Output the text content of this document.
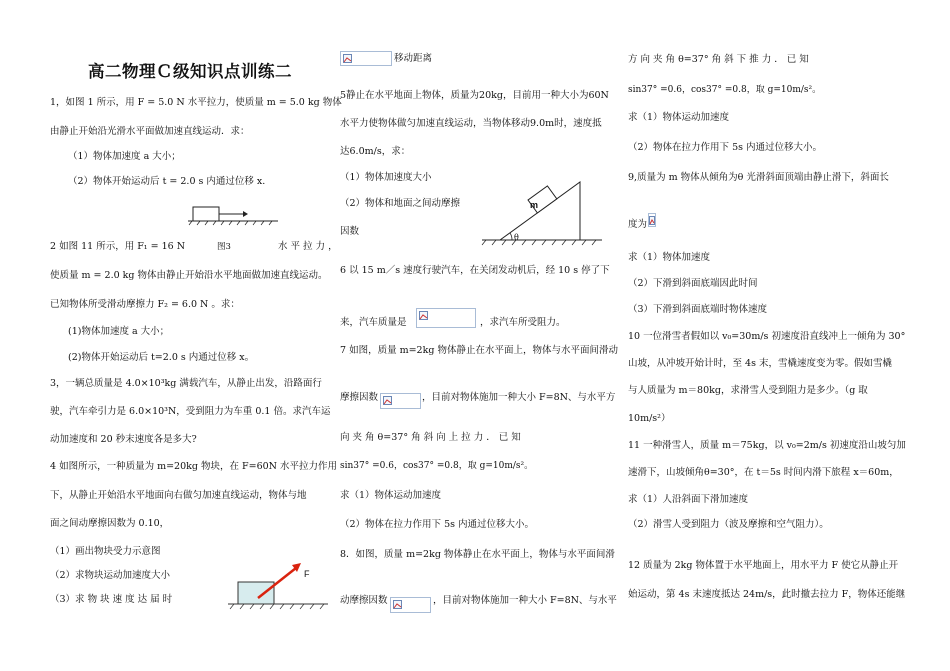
高二物理Ｃ级知识点训练二
1，如图 1 所示，用 F = 5.0 N 水平拉力，使质量 m = 5.0 kg 物体
由静止开始沿光滑水平面做加速直线运动．求：
（1）物体加速度 a 大小；
（2）物体开始运动后 t = 2.0 s 内通过位移 x.
2 如图 11 所示，用 F₁ = 16 N	图3	水 平 拉 力 ，
使质量 m = 2.0 kg 物体由静止开始沿水平地面做加速直线运动。
已知物体所受滑动摩擦力 F₂ = 6.0 N 。求：
(1)物体加速度 a 大小；
(2)物体开始运动后 t=2.0 s 内通过位移 x。
3，一辆总质量是 4.0×10³kg 满载汽车，从静止出发，沿路面行
驶，汽车牵引力是 6.0×10³N，受到阻力为车重 0.1 倍。求汽车运
动加速度和 20 秒末速度各是多大?
4 如图所示，一种质量为 m=20kg 物块，在 F=60N 水平拉力作用
下，从静止开始沿水平地面向右做匀加速直线运动，物体与地
面之间动摩擦因数为 0.10，
（1）画出物块受力示意图
（2）求物块运动加速度大小
（3）求 物 块 速 度 达 届 时
F
移动距离
5静止在水平地面上物体，质量为20kg，目前用一种大小为60N
水平力使物体做匀加速直线运动，当物体移动9.0m时，速度抵
达6.0m/s，求：
（1）物体加速度大小
（2）物体和地面之间动摩擦
因数
m
θ
6 以 15 m／s 速度行驶汽车，在关闭发动机后，经 10 s 停了下
来，汽车质量是	，求汽车所受阻力。
7 如图，质量 m=2kg 物体静止在水平面上，物体与水平面间滑动
摩擦因数	，目前对物体施加一种大小 F=8N、与水平方
向 夹 角 θ=37° 角 斜 向 上 拉 力 ． 已 知
sin37° =0.6，cos37° =0.8，取 g=10m/s²。
求（1）物体运动加速度
（2）物体在拉力作用下 5s 内通过位移大小。
8．如图，质量 m=2kg 物体静止在水平面上，物体与水平面间滑
动摩擦因数	，目前对物体施加一种大小 F=8N、与水平
方 向 夹 角 θ=37° 角 斜 下 推 力 ． 已 知
sin37° =0.6，cos37° =0.8，取 g=10m/s²。
求（1）物体运动加速度
（2）物体在拉力作用下 5s 内通过位移大小。
9,质量为 m 物体从倾角为θ 光滑斜面顶端由静止滑下，斜面长
度为
求（1）物体加速度
（2）下滑到斜面底端因此时间
（3）下滑到斜面底端时物体速度
10 一位滑雪者假如以 v₀=30m/s 初速度沿直线冲上一倾角为 30°
山坡，从冲坡开始计时，至 4s 末，雪橇速度变为零。假如雪橇
与人质量为 m＝80kg，求滑雪人受到阻力是多少。（g 取
10m/s²）
11 一种滑雪人，质量 m＝75kg，以 v₀=2m/s 初速度沿山坡匀加
速滑下，山坡倾角θ=30°，在 t＝5s 时间内滑下旅程 x＝60m，
求（1）人沿斜面下滑加速度
（2）滑雪人受到阻力（波及摩擦和空气阻力）。
12 质量为 2kg 物体置于水平地面上，用水平力 F 使它从静止开
始运动，第 4s 末速度抵达 24m/s，此时撤去拉力 F，物体还能继
